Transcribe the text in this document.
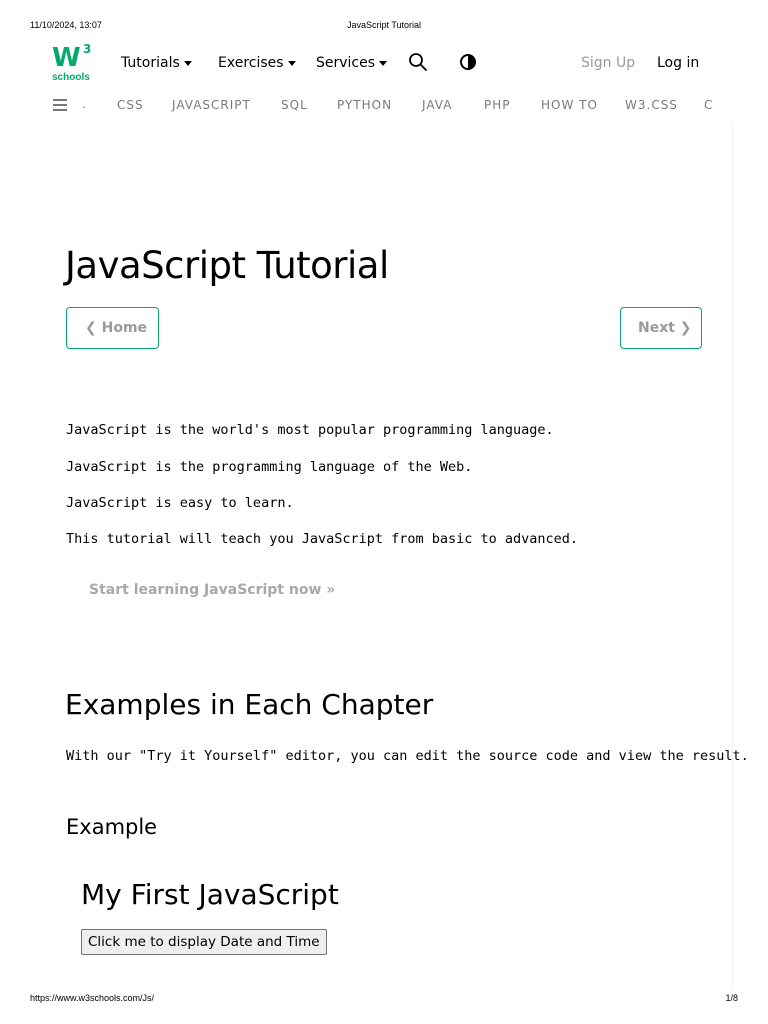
11/10/2024, 13:07	JavaScript Tutorial
W 3
schools
Tutorials	Exercises	Services	Sign Up Log in
.	CSS JAVASCRIPT	SQL PYTHON JAVA	PHP	HOW TO W3.CSS C
JavaScript Tutorial
❮ Home	Next ❯

JavaScript is the world's most popular programming language.

JavaScript is the programming language of the Web.

JavaScript is easy to learn.

This tutorial will teach you JavaScript from basic to advanced.

Start learning JavaScript now »
Examples in Each Chapter

With our "Try it Yourself" editor, you can edit the source code and view the result.

Example
My First JavaScript
Click me to display Date and Time
https://www.w3schools.com/Js/	1/8
